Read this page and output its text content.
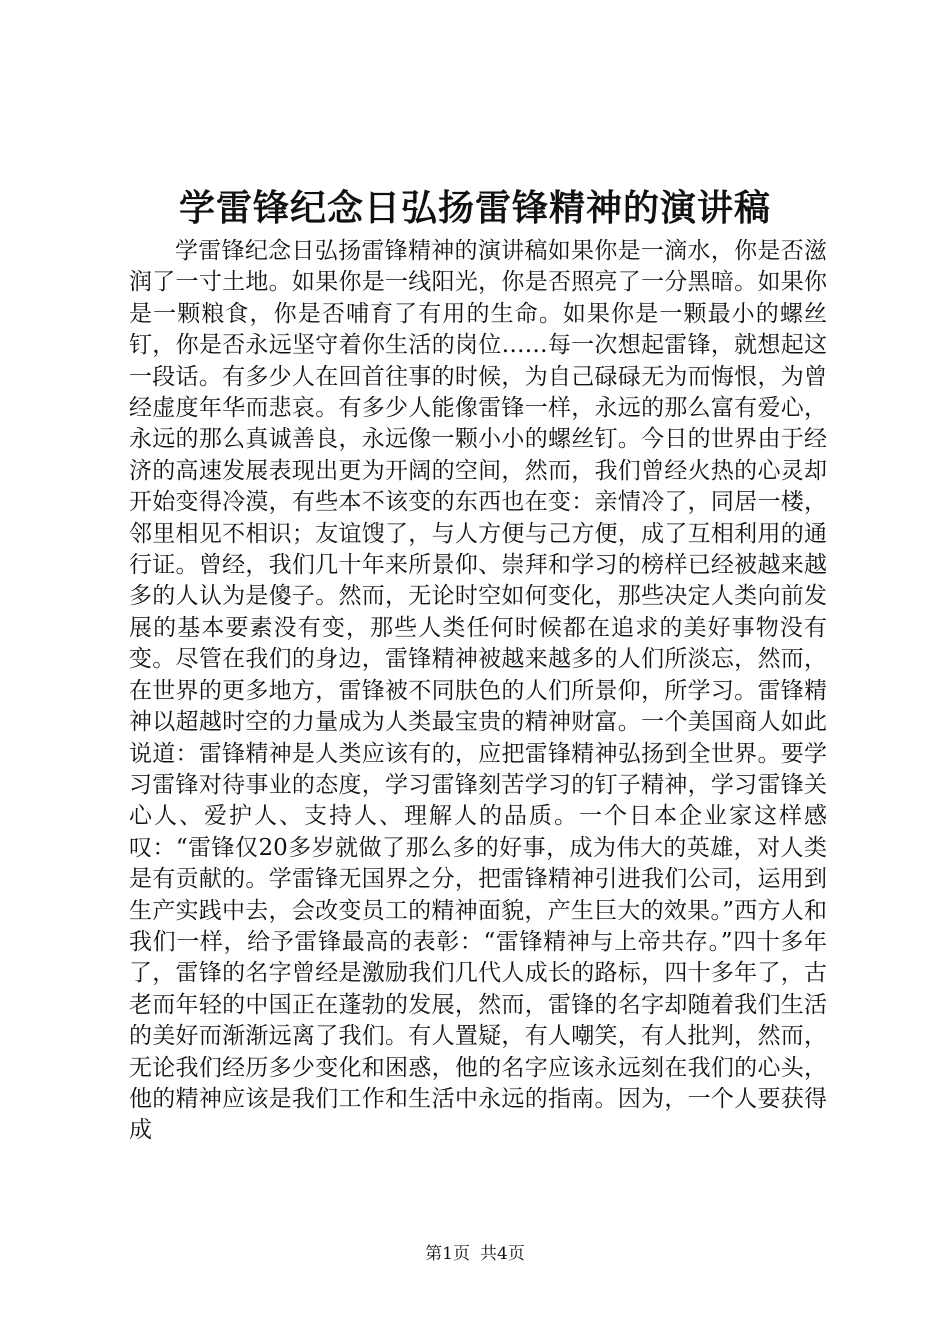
学雷锋纪念日弘扬雷锋精神的演讲稿

学雷锋纪念日弘扬雷锋精神的演讲稿如果你是一滴水，你是否滋润了一寸土地。如果你是一线阳光，你是否照亮了一分黑暗。如果你是一颗粮食，你是否哺育了有用的生命。如果你是一颗最小的螺丝钉，你是否永远坚守着你生活的岗位……每一次想起雷锋，就想起这一段话。有多少人在回首往事的时候，为自己碌碌无为而悔恨，为曾经虚度年华而悲哀。有多少人能像雷锋一样，永远的那么富有爱心，永远的那么真诚善良，永远像一颗小小的螺丝钉。今日的世界由于经济的高速发展表现出更为开阔的空间，然而，我们曾经火热的心灵却开始变得冷漠，有些本不该变的东西也在变：亲情冷了，同居一楼，邻里相见不相识；友谊馊了，与人方便与己方便，成了互相利用的通行证。曾经，我们几十年来所景仰、崇拜和学习的榜样已经被越来越多的人认为是傻子。然而，无论时空如何变化，那些决定人类向前发展的基本要素没有变，那些人类任何时候都在追求的美好事物没有变。尽管在我们的身边，雷锋精神被越来越多的人们所淡忘，然而，在世界的更多地方，雷锋被不同肤色的人们所景仰，所学习。雷锋精神以超越时空的力量成为人类最宝贵的精神财富。一个美国商人如此说道：雷锋精神是人类应该有的，应把雷锋精神弘扬到全世界。要学习雷锋对待事业的态度，学习雷锋刻苦学习的钉子精神，学习雷锋关心人、爱护人、支持人、理解人的品质。一个日本企业家这样感叹：“雷锋仅20多岁就做了那么多的好事，成为伟大的英雄，对人类是有贡献的。学雷锋无国界之分，把雷锋精神引进我们公司，运用到生产实践中去，会改变员工的精神面貌，产生巨大的效果。”西方人和我们一样，给予雷锋最高的表彰：“雷锋精神与上帝共存。”四十多年了，雷锋的名字曾经是激励我们几代人成长的路标，四十多年了，古老而年轻的中国正在蓬勃的发展，然而，雷锋的名字却随着我们生活的美好而渐渐远离了我们。有人置疑，有人嘲笑，有人批判，然而，无论我们经历多少变化和困惑，他的名字应该永远刻在我们的心头，他的精神应该是我们工作和生活中永远的指南。因为，一个人要获得成

第1页 共4页
